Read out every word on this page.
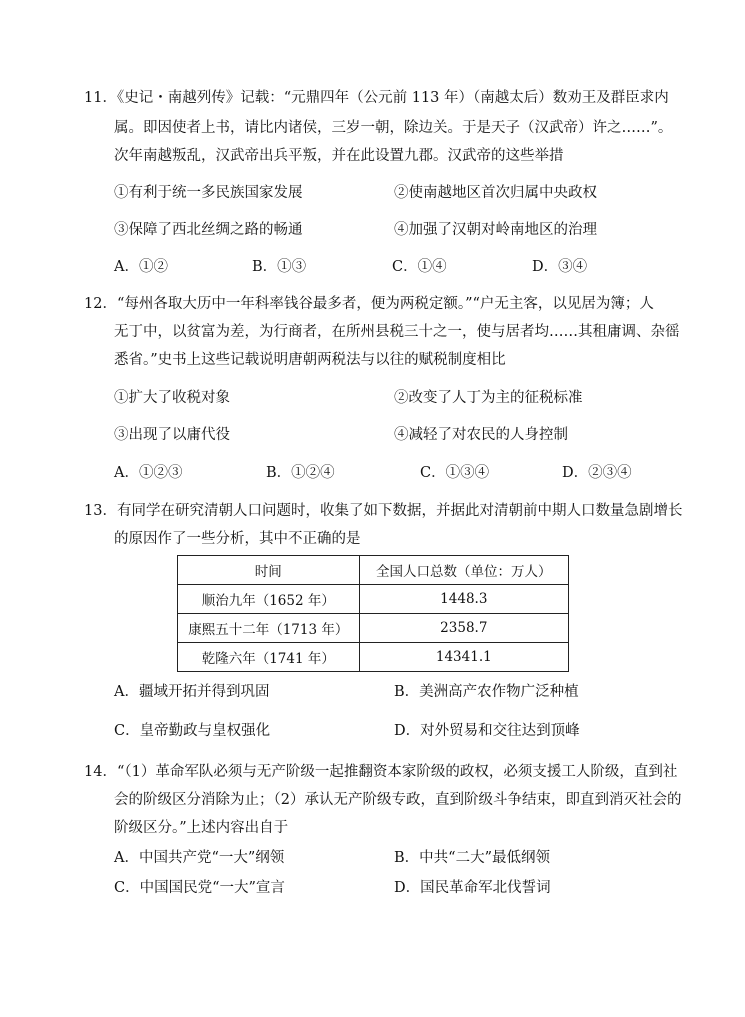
11．《史记・南越列传》记载：“元鼎四年（公元前 113 年）（南越太后）数劝王及群臣求内
属。即因使者上书，请比内诸侯，三岁一朝，除边关。于是天子（汉武帝）许之……”。
次年南越叛乱，汉武帝出兵平叛，并在此设置九郡。汉武帝的这些举措
①有利于统一多民族国家发展	②使南越地区首次归属中央政权
③保障了西北丝绸之路的畅通	④加强了汉朝对岭南地区的治理
A．①②	B．①③	C．①④	D．③④
12．“每州各取大历中一年科率钱谷最多者，便为两税定额。”“户无主客，以见居为簿；人
无丁中，以贫富为差，为行商者，在所州县税三十之一，使与居者均……其租庸调、杂徭
悉省。”史书上这些记载说明唐朝两税法与以往的赋税制度相比
①扩大了收税对象	②改变了人丁为主的征税标准
③出现了以庸代役	④减轻了对农民的人身控制
A．①②③	B．①②④	C．①③④	D．②③④
13．有同学在研究清朝人口问题时，收集了如下数据，并据此对清朝前中期人口数量急剧增长
的原因作了一些分析，其中不正确的是
时间	全国人口总数（单位：万人）
顺治九年（1652 年）	1448.3
康熙五十二年（1713 年）	2358.7
乾隆六年（1741 年）	14341.1
A．疆域开拓并得到巩固	B．美洲高产农作物广泛种植
C．皇帝勤政与皇权强化	D．对外贸易和交往达到顶峰
14．“（1）革命军队必须与无产阶级一起推翻资本家阶级的政权，必须支援工人阶级，直到社
会的阶级区分消除为止；（2）承认无产阶级专政，直到阶级斗争结束，即直到消灭社会的
阶级区分。”上述内容出自于
A．中国共产党“一大”纲领	B．中共“二大”最低纲领
C．中国国民党“一大”宣言	D．国民革命军北伐誓词
